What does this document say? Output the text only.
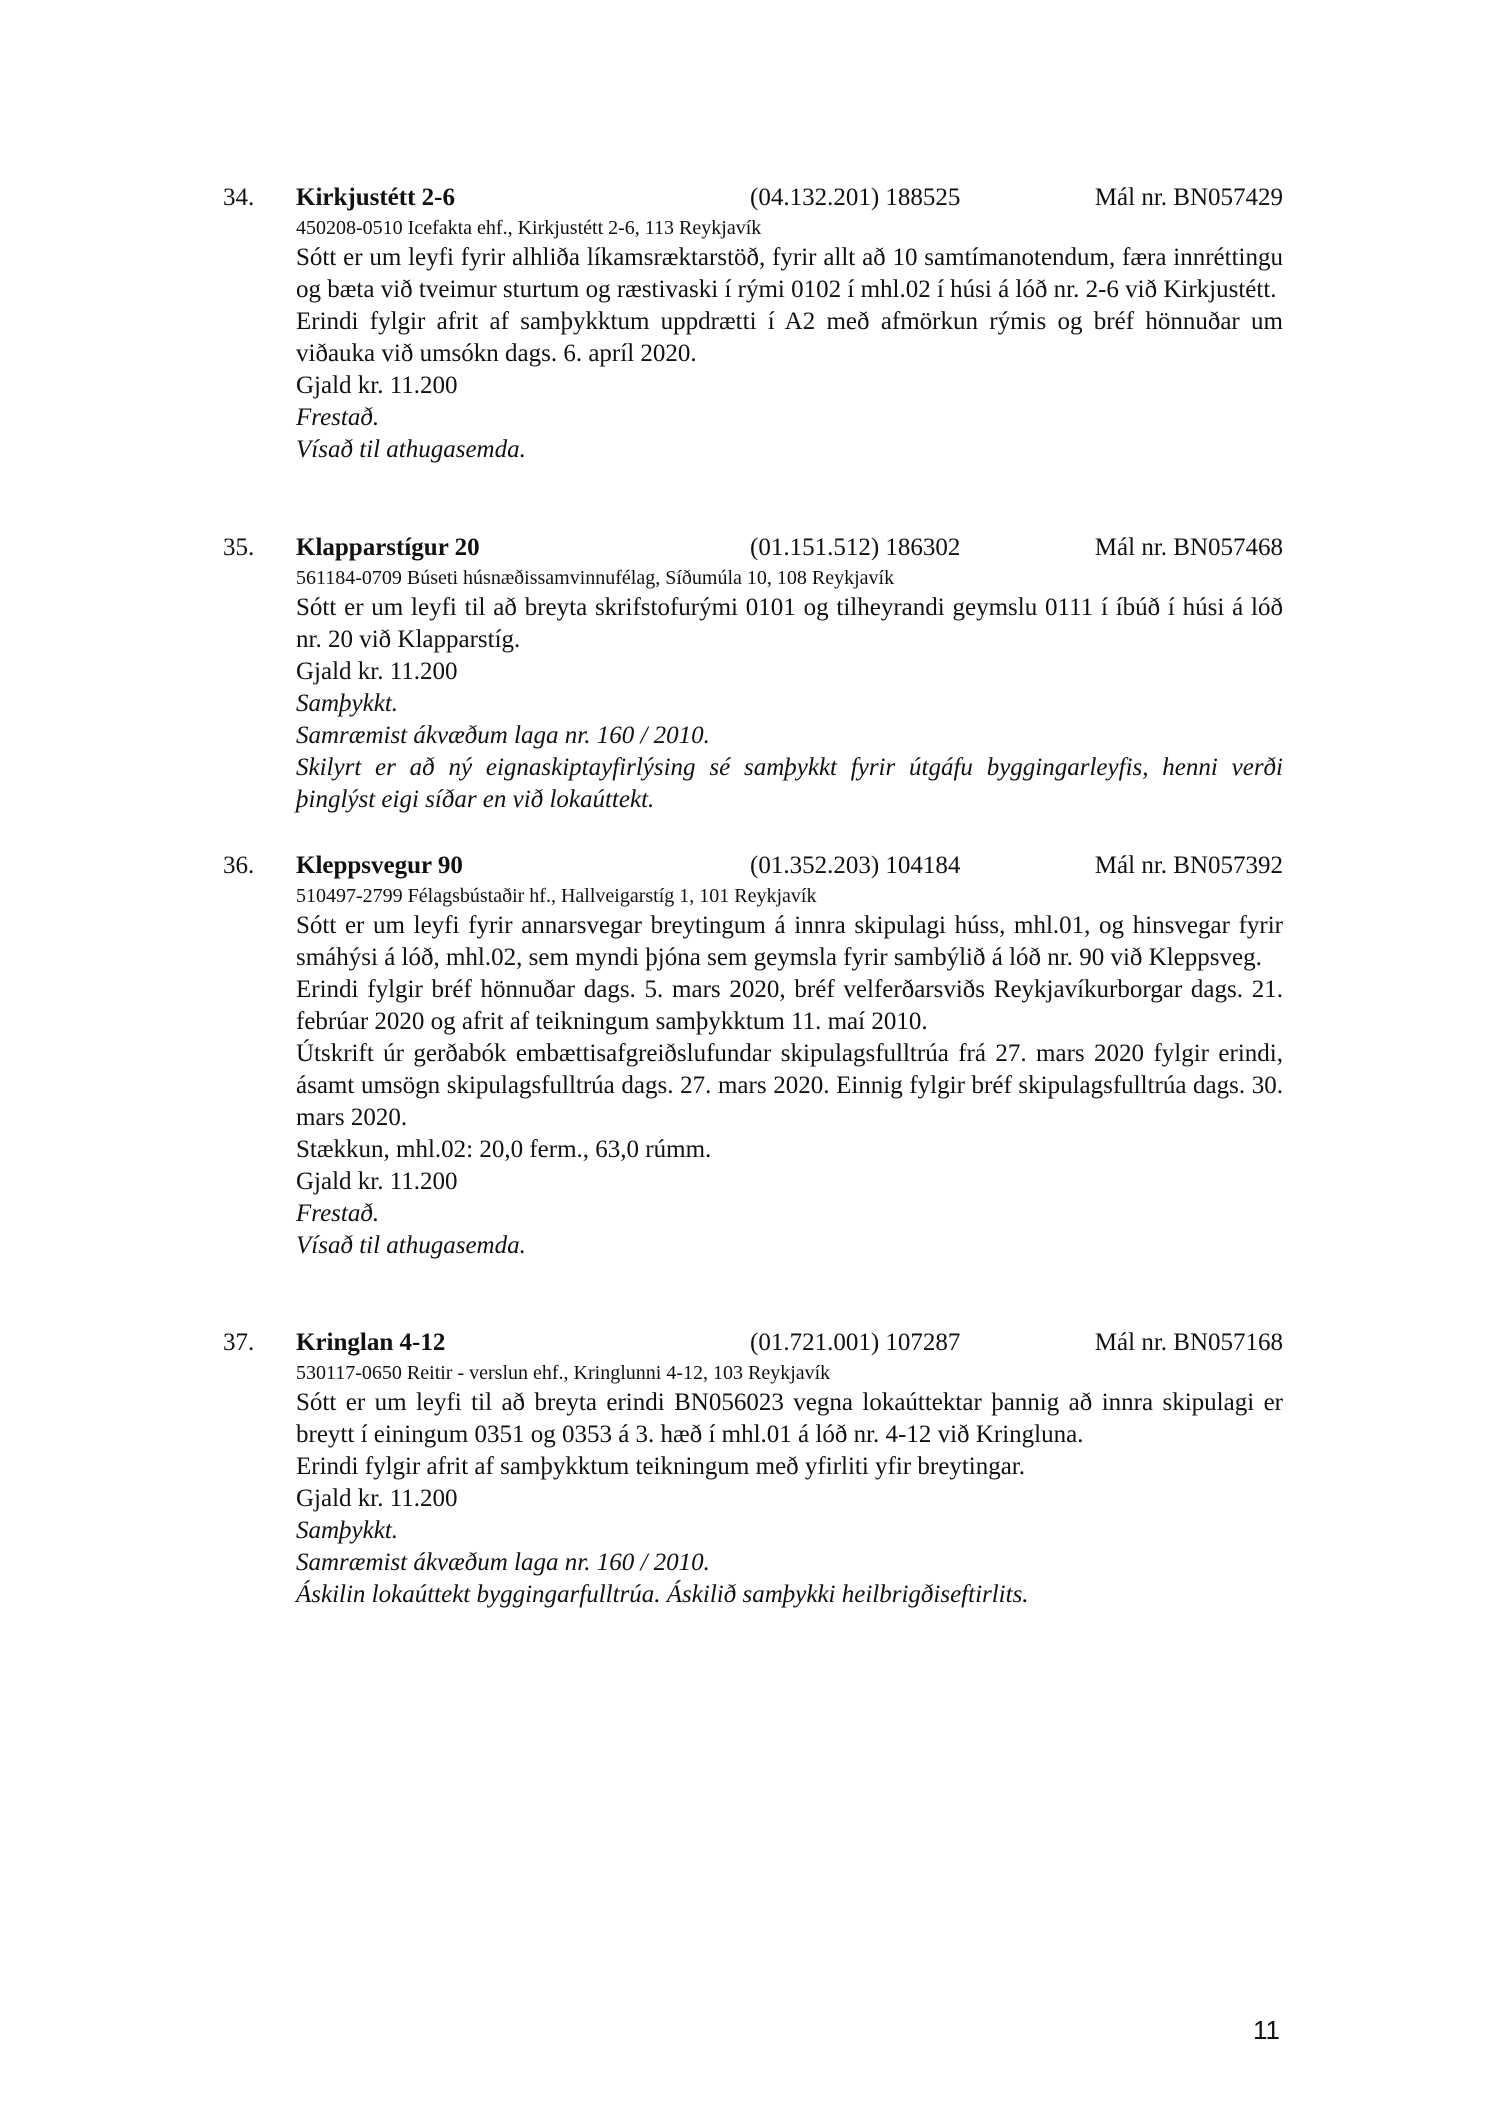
34. Kirkjustétt 2-6	(04.132.201) 188525	Mál nr. BN057429
450208-0510 Icefakta ehf., Kirkjustétt 2-6, 113 Reykjavík
Sótt er um leyfi fyrir alhliða líkamsræktarstöð, fyrir allt að 10 samtímanotendum, færa innréttingu og bæta við tveimur sturtum og ræstivaski í rými 0102 í mhl.02 í húsi á lóð nr. 2-6 við Kirkjustétt.
Erindi fylgir afrit af samþykktum uppdrætti í A2 með afmörkun rýmis og bréf hönnuðar um viðauka við umsókn dags. 6. apríl 2020.
Gjald kr. 11.200
Frestað.
Vísað til athugasemda.
35. Klapparstígur 20	(01.151.512) 186302	Mál nr. BN057468
561184-0709 Búseti húsnæðissamvinnufélag, Síðumúla 10, 108 Reykjavík
Sótt er um leyfi til að breyta skrifstofurými 0101 og tilheyrandi geymslu 0111 í íbúð í húsi á lóð nr. 20 við Klapparstíg.
Gjald kr. 11.200
Samþykkt.
Samræmist ákvæðum laga nr. 160 / 2010.
Skilyrt er að ný eignaskiptayfirlýsing sé samþykkt fyrir útgáfu byggingarleyfis, henni verði þinglýst eigi síðar en við lokaúttekt.
36. Kleppsvegur 90	(01.352.203) 104184	Mál nr. BN057392
510497-2799 Félagsbústaðir hf., Hallveigarstíg 1, 101 Reykjavík
Sótt er um leyfi fyrir annarsvegar breytingum á innra skipulagi húss, mhl.01, og hinsvegar fyrir smáhýsi á lóð, mhl.02, sem myndi þjóna sem geymsla fyrir sambýlið á lóð nr. 90 við Kleppsveg.
Erindi fylgir bréf hönnuðar dags. 5. mars 2020, bréf velferðarsviðs Reykjavíkurborgar dags. 21. febrúar 2020 og afrit af teikningum samþykktum 11. maí 2010.
Útskrift úr gerðabók embættisafgreiðslufundar skipulagsfulltrúa frá 27. mars 2020 fylgir erindi, ásamt umsögn skipulagsfulltrúa dags. 27. mars 2020. Einnig fylgir bréf skipulagsfulltrúa dags. 30. mars 2020.
Stækkun, mhl.02: 20,0 ferm., 63,0 rúmm.
Gjald kr. 11.200
Frestað.
Vísað til athugasemda.
37. Kringlan 4-12	(01.721.001) 107287	Mál nr. BN057168
530117-0650 Reitir - verslun ehf., Kringlunni 4-12, 103 Reykjavík
Sótt er um leyfi til að breyta erindi BN056023 vegna lokaúttektar þannig að innra skipulagi er breytt í einingum 0351 og 0353 á 3. hæð í mhl.01 á lóð nr. 4-12 við Kringluna.
Erindi fylgir afrit af samþykktum teikningum með yfirliti yfir breytingar.
Gjald kr. 11.200
Samþykkt.
Samræmist ákvæðum laga nr. 160 / 2010.
Áskilin lokaúttekt byggingarfulltrúa. Áskilið samþykki heilbrigðiseftirlits.
11
